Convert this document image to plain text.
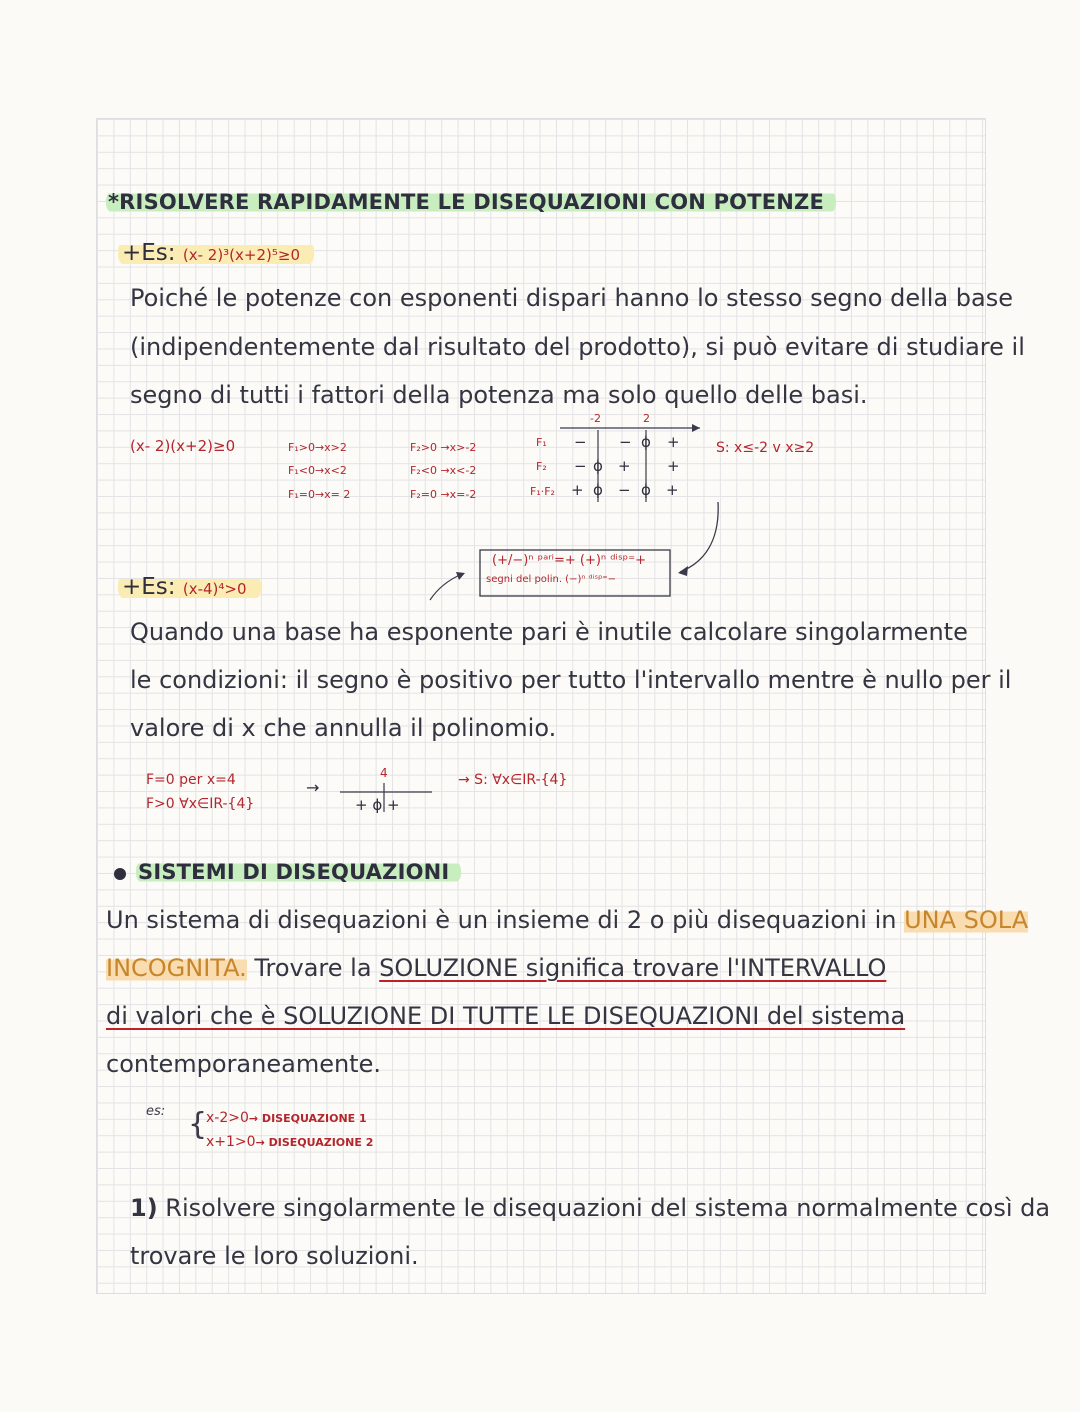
*RISOLVERE RAPIDAMENTE LE DISEQUAZIONI CON POTENZE
+Es: (x- 2)³(x+2)⁵≥0
Poiché le potenze con esponenti dispari hanno lo stesso segno della base
(indipendentemente dal risultato del prodotto), si può evitare di studiare il
segno di tutti i fattori della potenza ma solo quello delle basi.
(x- 2)(x+2)≥0	F₁>0→x>2
F₁<0→x<2
F₁=0→x= 2
F₂>0 →x>-2
F₂<0 →x<-2
F₂=0 →x=-2
-2	2
F₁ − − ϕ +
F₂ − ϕ + +
F₁·F₂ + ϕ − ϕ +
S: x≤-2 v x≥2
(+/−)ⁿ ᵖᵃʳⁱ=+ (+)ⁿ ᵈⁱˢᵖ⁼+
segni del polin. (−)ⁿ ᵈⁱˢᵖ⁼−
+Es: (x-4)⁴>0
Quando una base ha esponente pari è inutile calcolare singolarmente
le condizioni: il segno è positivo per tutto l'intervallo mentre è nullo per il
valore di x che annulla il polinomio.
F=0 per x=4
F>0 ∀x∈IR-{4}
→
4
+ ϕ +
→ S: ∀x∈IR-{4}
SISTEMI DI DISEQUAZIONI
Un sistema di disequazioni è un insieme di 2 o più disequazioni in UNA SOLA
INCOGNITA. Trovare la SOLUZIONE significa trovare l'INTERVALLO
di valori che è SOLUZIONE DI TUTTE LE DISEQUAZIONI del sistema
contemporaneamente.
es: {
x-2>0→ DISEQUAZIONE 1
x+1>0→ DISEQUAZIONE 2
1) Risolvere singolarmente le disequazioni del sistema normalmente così da
trovare le loro soluzioni.
